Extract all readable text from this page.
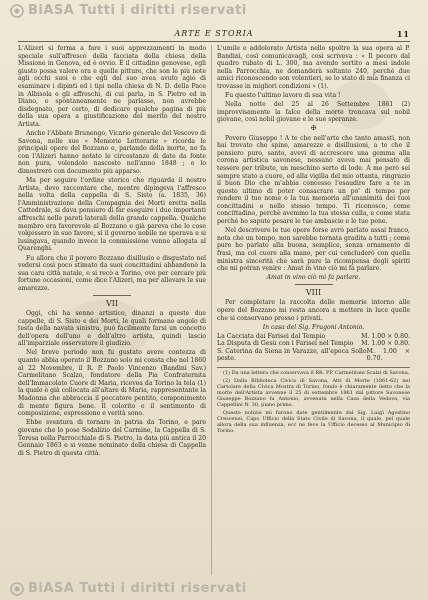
BiASA Tutti i diritti riservati
ARTE E STORIA	11

L'Alizeri si ferma a fare i suoi apprezzamenti in modo speciale sull'affresco della facciata della chiesa della Missione in Genova, ed è ovvio. È il cittadino genovese, egli giusto possa valere ora e quelle pitture, che son le più note agli occhi suoi e che egli del suo avea avuto agio di esaminare i dipinti ed i tipi nella chiesa di N. D. della Pace in Albisola e gli affreschi, di cui parla, in S. Pietro ed in Diano, e spontaneamente ne parlasse, non avrebbe disdegnato, per certo, di dedicare qualche pagina di più della sua opera a giustificazione del merito del nostro Artista.

Anche l'Abbate Brunengo, Vicario generale del Vescovo di Savona, nelle sue « Memorie Letterarie » ricorda le principali opere del Bozzano e, parlando della morte, ne fa con l'Alizeri hanno notato le circostanze di date da fonte non pura, volendolo nascosto nell'anno 1848 ; e lo dimostrerò con documento più apparso.

Ma per seguire l'ordine storico che riguarda il nostro Artista, devo raccontare che, mentre dipingeva l'affresco nella volta della cappella di S. Sisto (a. 1835, 36) l'Amministrazione della Compagnia dei Morti eretta nella Cattedrale, si dava pensiero di far eseguire i due importanti affreschi nelle pareti laterali della grande cappella. Qualche membro era favorevole al Bozzano e già pareva che lo cose volgessero in suo favore, sì il governo nobile ne sperava e si lusingava, quando invece la commissione venne allogata al Quarenghi.

Fu allora che il povero Bozzano disillusio e disgustato nel vedersi così poco stimato da suoi concittadini abbandonò la sua cara città natale, e si recò a Torino, ove per cercare più fortune occasioni, come dice l'Alizeri, ma per allevare le sue amarezze.

VII

Oggi, chi ha senno artistico, dinanzi a queste due cappelle, di S. Sisto e dei Morti, le quali formano angolo di testa della navata sinistra, può facilmente farsi un concetto dell'opera dell'uno e dell'altro artista, quindi lascio all'imparziale osservatore il giudizio.

Nel breve periodo non fu gustato avere contezza di quanto abbia operato il Bozzano solo mi consta che nel 1860 al 22 Novembre, il R. P. Paolo Vincenzo (Bandini Sav.) Carmelitano Scalzo, fondatore della Pia Confraternita dell'Immacolato Cuore di Maria, ricevea da Torino la tela (1) la quale è già collocata all'altare di Maria, rappresentante la Madonna che abbraccia il peccatore pentito, componimento di mente figura bene. Il colorito e il sentimento di composizione, espressione e verità sono.

Ebbe sventura di tornare in patria da Torino, e pare giovane che lo pose Sodalizio del Carmine, la Cappella di S. Teresa nella Parrocchiale di S. Pietro, la data più antica il 20 Gennaio 1863 e si venne nominato della chiesa di Cappella di S. Pietro di questa città.

L'umile e addolorato Artista nello spoltre la sua opera al P. Bandini, così comunicavagli, così scriveva : « Il pecoro dal quadro rubato di L. 300, ma avendo sortito a mesi indole nella Parrocchia, ne domanderà soltanto 240, perchè due amici riconoscendo son volentieri, se lo stato di mia finanza ci trovasse in migliori condizioni » (1).

Fu questo l'ultimo lavoro di sua vita !

Nella notte del 25 al 26 Settembre 1861 (2) improvvisamente la falce della morte troncava sul nobil giovane, così nobil giovane e le sue speranze.

✠

Povero Giuseppe ! A te che nell'arte che tanto amasti, non hai trovato che spine, amarezze e disillusioni, a te che il pensiero puro, santo, avevi di accrescere una gemma alla corona artistica savonese, nessuno aveva mai pensato di tessere per tribute, un meschino serto di lode. A me però sei sempre stato a cuore, ed alla vigilia del mio ottanta, ringrazio il buon Dio che m'abbia concesso l'esaudire fare a te in questo ultimo di poter consacrare un po' di tempo per rendere il tuo nome e la tua memoria all'unanimità dei tuoi concittadini e nello stesso tempo. Ti riconosco, come concittadino, perchè avemmo la tua stessa culla, e come stata perchè ho sapute pesare le tue ambascie e le tue pene.

Nel descrivere le tue opere forse avrò parlato assai franco, nota che un tempo, non sarebbe tornata gradita a tutti ; come pure ho parlato alla buona, semplice, senza ornamento di frasi, ma col cuore alla mano, per cui concluderò con quella ministra sincerità che sarà pure la ricompensa degli spiriti che mi potran venire : Amat in vino ciò mi fa parlare.

Amat in vino ciò mi fa parlare.

VIII

Per completare la raccolta delle memorie intorno alle opere del Bozzano mi resta ancora a mettere in luce quelle che si conservano presso i privati.

In casa del Sig. Frugoni Antonio.

La Cacciata dai Farisei dal Tempio	M. 1.00 × 0.80.
La Disputa di Gesù con i Farisei nel Tempio M. 1.00 × 0.80.
S. Caterina da Siena in Varazze, all'epoca Sollo peste.
M. 1.00 × 0.70.

(1) Da una lettera che conservava il RR. PP. Carmelitani Scalzi di Savona.

(2) Dalla Biblioteca Civica di Savona, Atti di Morte (1861-62) nel Cartolare della Civica Mostra di Torino, fondo è chiaramente detto che la morte dell'Artista avvenne il 25 di settembre 1861 dal pittore Savonese Giuseppe Bozzano fu Antonio, avvenuta nella Casa della Vedova, via Cappellini N. 30, piano primo.

Queste notizie mi furono date gentilmente dal Sig. Luigi Agostino Crescenzi, Capo Ufficio della Stato Civile di Savona, il quale, pel quale allora della sua influenza, ecc ne fece la Ufficio decesso al Municipio di Torino.

BiASA Tutti i diritti riservati
